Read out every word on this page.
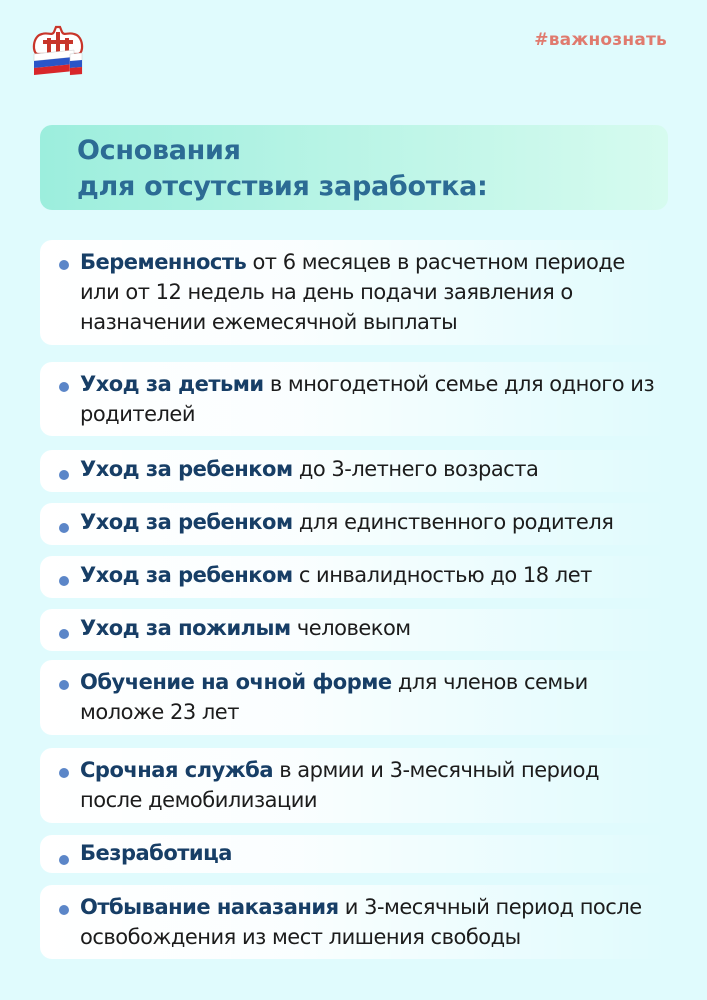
#важнознать
Основания
для отсутствия заработка:
Беременность от 6 месяцев в расчетном периоде или от 12 недель на день подачи заявления о назначении ежемесячной выплаты
Уход за детьми в многодетной семье для одного из родителей
Уход за ребенком до 3-летнего возраста
Уход за ребенком для единственного родителя
Уход за ребенком с инвалидностью до 18 лет
Уход за пожилым человеком
Обучение на очной форме для членов семьи моложе 23 лет
Срочная служба в армии и 3-месячный период после демобилизации
Безработица
Отбывание наказания и 3-месячный период после освобождения из мест лишения свободы
